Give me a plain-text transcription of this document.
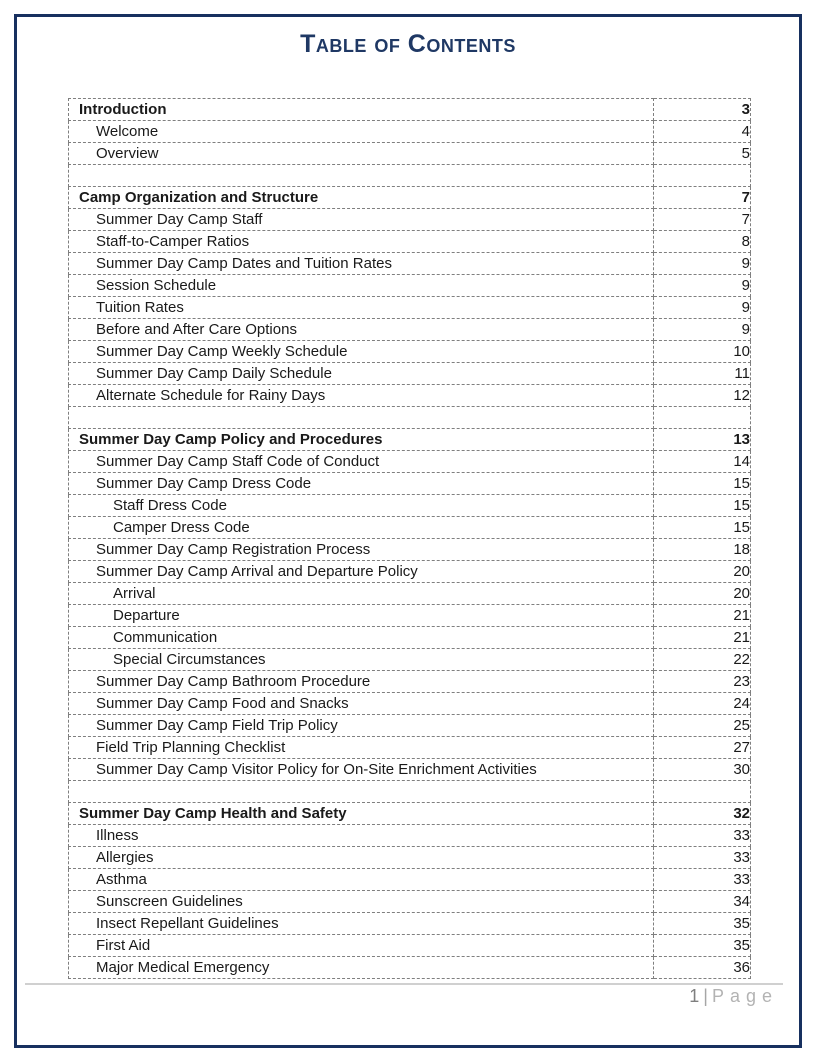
Table of Contents
Introduction	3
Welcome	4
Overview	5

Camp Organization and Structure	7
Summer Day Camp Staff	7
Staff-to-Camper Ratios	8
Summer Day Camp Dates and Tuition Rates	9
Session Schedule	9
Tuition Rates	9
Before and After Care Options	9
Summer Day Camp Weekly Schedule	10
Summer Day Camp Daily Schedule	11
Alternate Schedule for Rainy Days	12

Summer Day Camp Policy and Procedures	13
Summer Day Camp Staff Code of Conduct	14
Summer Day Camp Dress Code	15
Staff Dress Code	15
Camper Dress Code	15
Summer Day Camp Registration Process	18
Summer Day Camp Arrival and Departure Policy	20
Arrival	20
Departure	21
Communication	21
Special Circumstances	22
Summer Day Camp Bathroom Procedure	23
Summer Day Camp Food and Snacks	24
Summer Day Camp Field Trip Policy	25
Field Trip Planning Checklist	27
Summer Day Camp Visitor Policy for On-Site Enrichment Activities	30

Summer Day Camp Health and Safety	32
Illness	33
Allergies	33
Asthma	33
Sunscreen Guidelines	34
Insect Repellant Guidelines	35
First Aid	35
Major Medical Emergency	36
1 | Page
